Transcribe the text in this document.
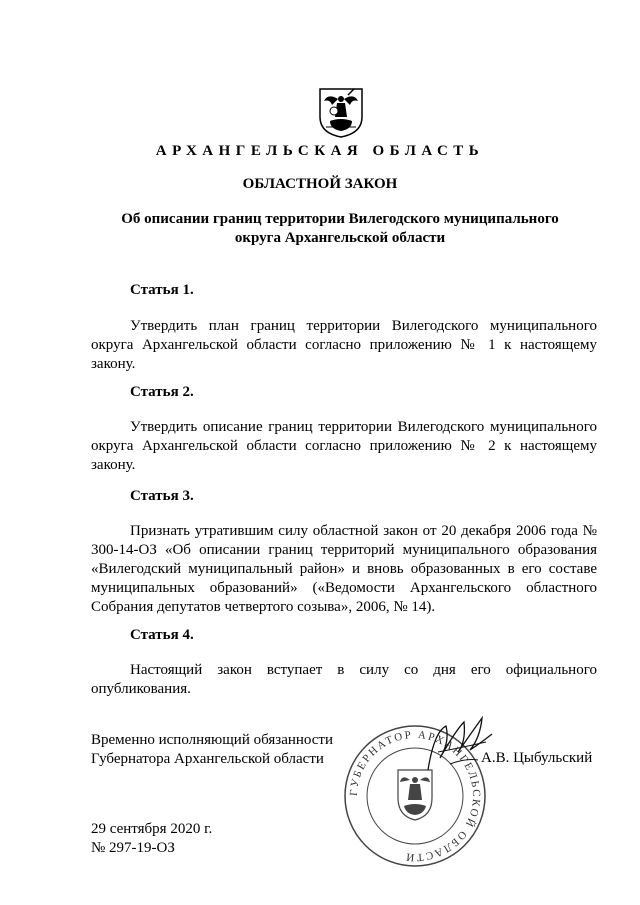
АРХАНГЕЛЬСКАЯ ОБЛАСТЬ
ОБЛАСТНОЙ ЗАКОН
Об описании границ территории Вилегодского муниципального
округа Архангельской области
Статья 1.

Утвердить план границ территории Вилегодского муниципального округа Архангельской области согласно приложению № 1 к настоящему закону.

Статья 2.

Утвердить описание границ территории Вилегодского муниципального округа Архангельской области согласно приложению № 2 к настоящему закону.

Статья 3.

Признать утратившим силу областной закон от 20 декабря 2006 года № 300-14-ОЗ «Об описании границ территорий муниципального образования «Вилегодский муниципальный район» и вновь образованных в его составе муниципальных образований» («Ведомости Архангельского областного Собрания депутатов четвертого созыва», 2006, № 14).

Статья 4.

Настоящий закон вступает в силу со дня его официального опубликования.

Временно исполняющий обязанности
Губернатора Архангельской области
ГУБЕРНАТОР АРХАНГЕЛЬСКОЙ ОБЛАСТИ
А.В. Цыбульский
29 сентября 2020 г.
№ 297-19-ОЗ
